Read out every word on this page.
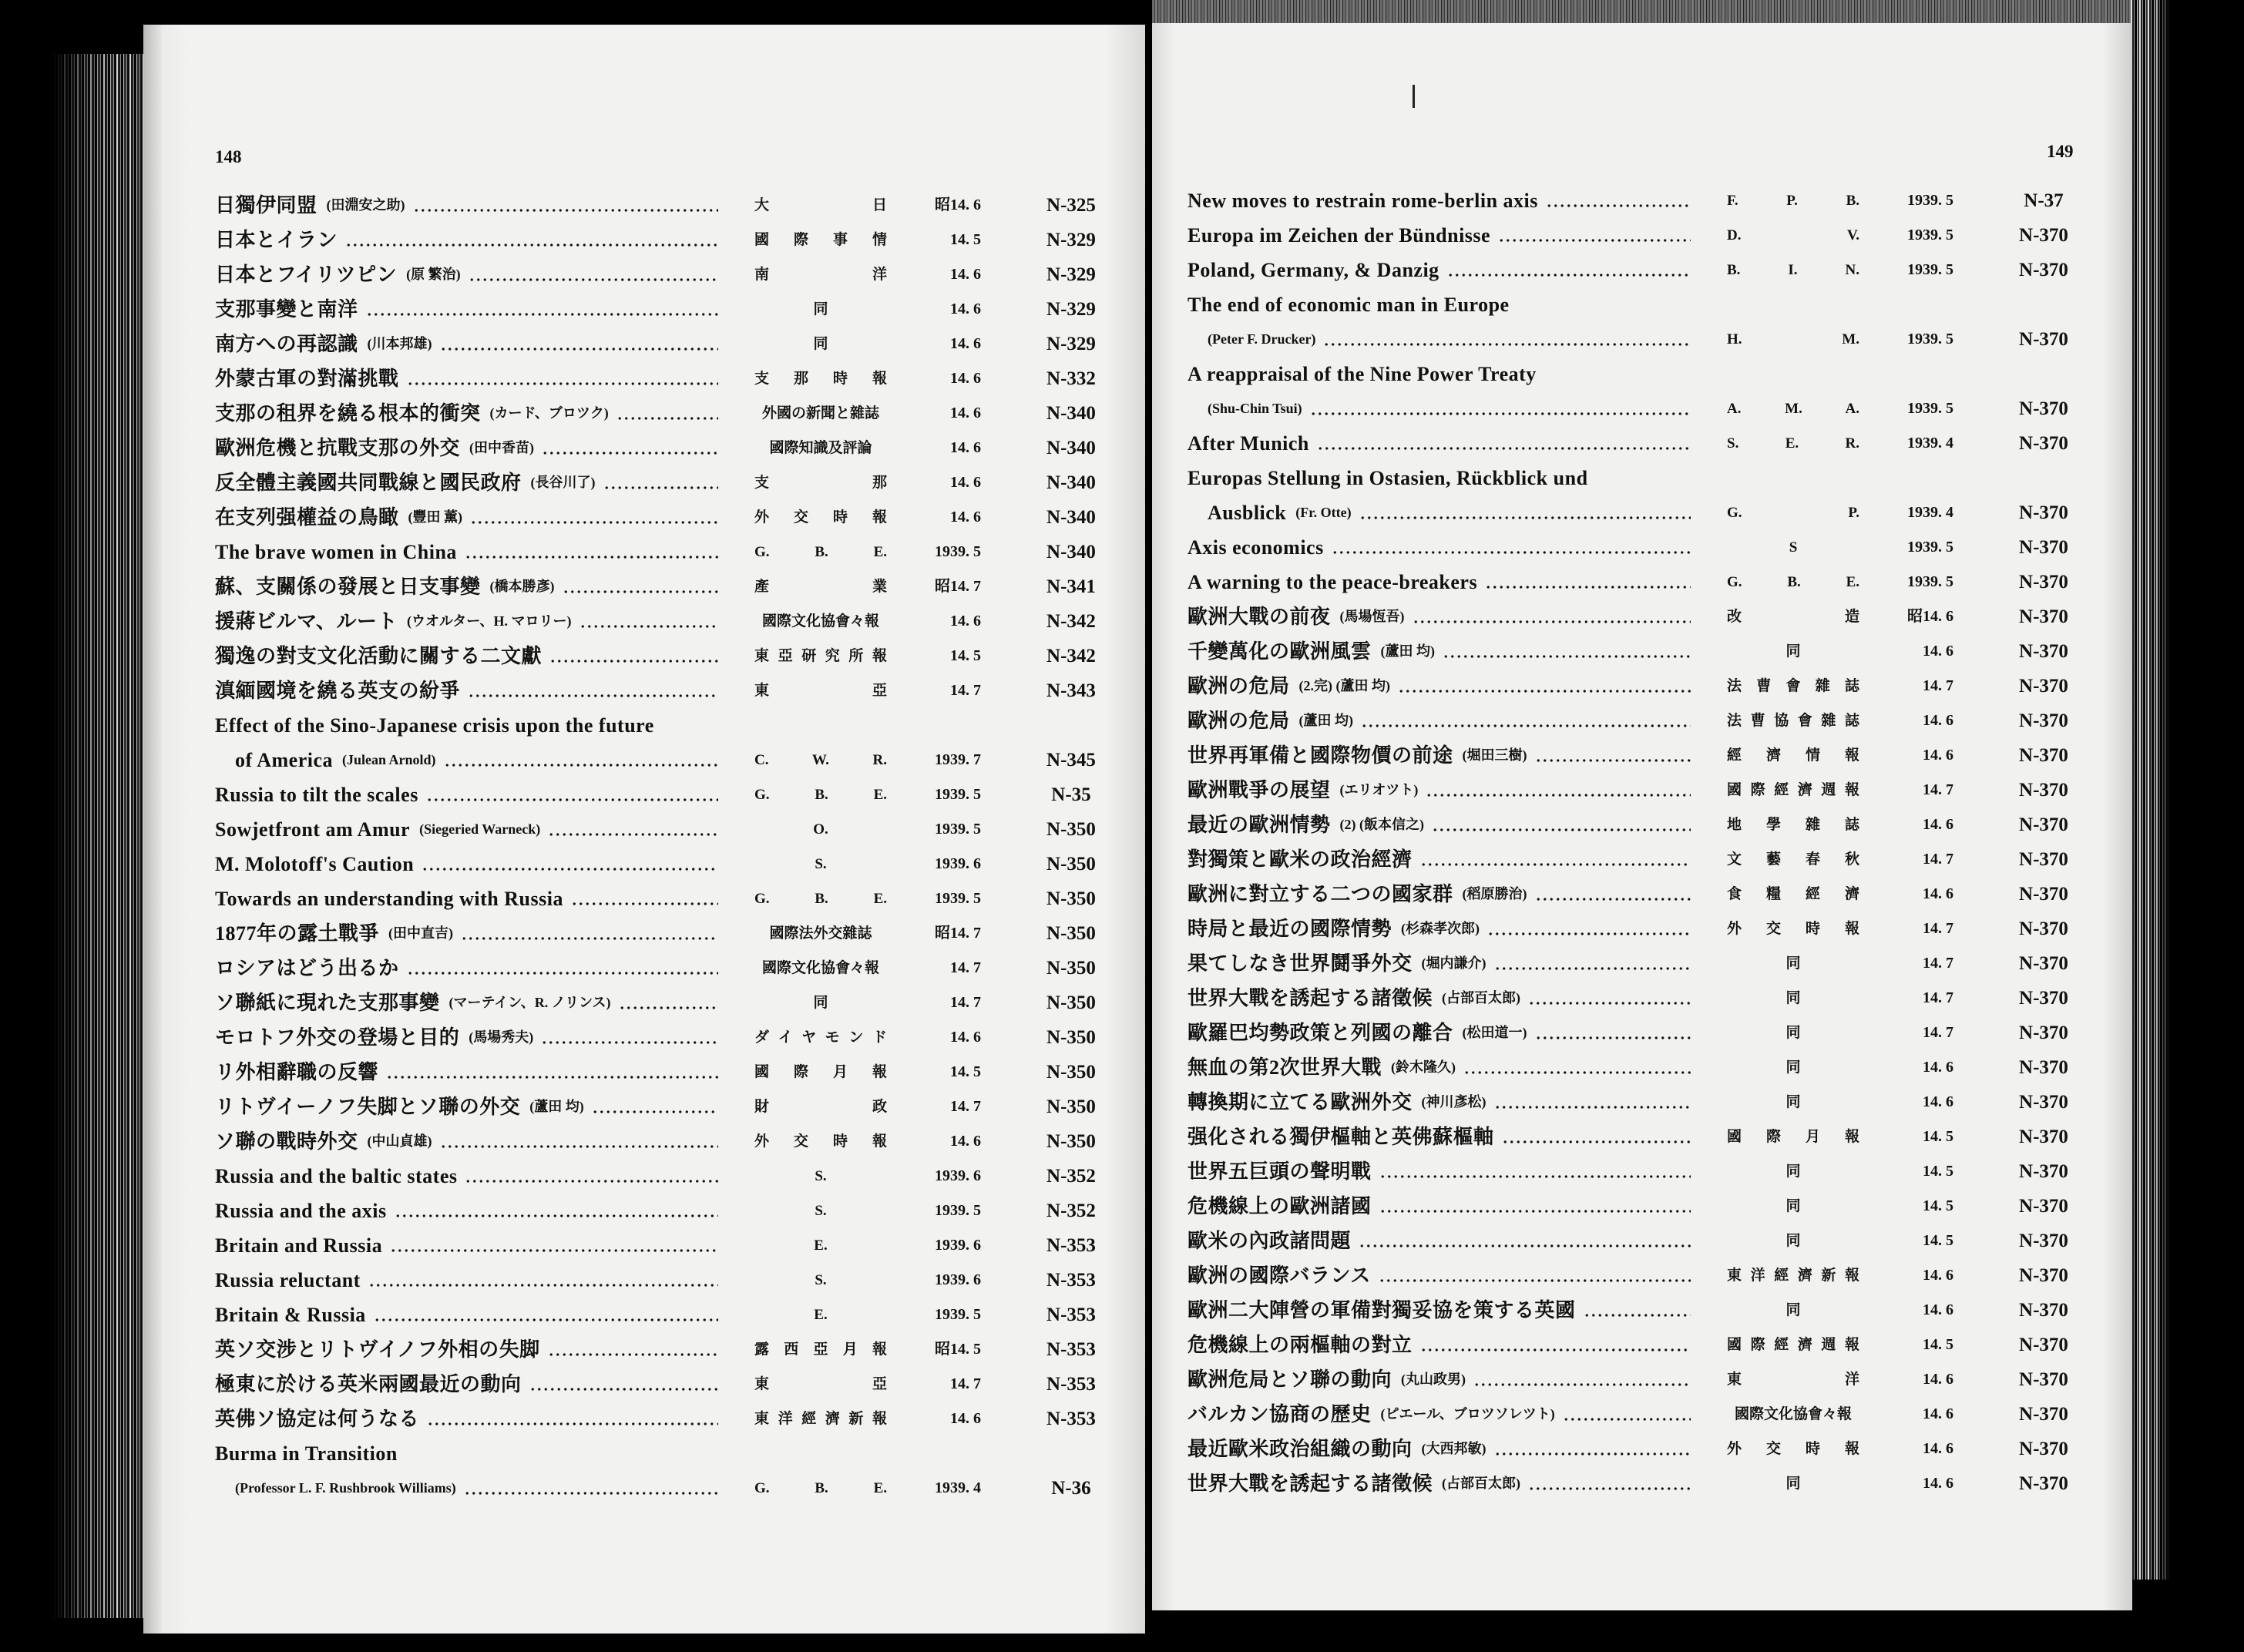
148
日獨伊同盟 (田淵安之助)	大 日	昭14. 6	N-325
日本とイラン	國 際 事 情	14. 5	N-329
日本とフイリツピン (原 繁治)	南 洋	14. 6	N-329
支那事變と南洋	同	14. 6	N-329
南方への再認識 (川本邦雄)	同	14. 6	N-329
外蒙古軍の對滿挑戰	支 那 時 報	14. 6	N-332
支那の租界を繞る根本的衝突 (カード、ブロツク)	外國の新聞と雜誌	14. 6	N-340
歐洲危機と抗戰支那の外交 (田中香苗)	國際知識及評論	14. 6	N-340
反全體主義國共同戰線と國民政府 (長谷川了)	支 那	14. 6	N-340
在支列强權益の鳥瞰 (豐田 薰)	外 交 時 報	14. 6	N-340
The brave women in China	G. B. E.	1939. 5	N-340
蘇、支關係の發展と日支事變 (橋本勝彥)	產 業	昭14. 7	N-341
援蔣ビルマ、ルート (ウオルター、H. マロリー)	國際文化協會々報	14. 6	N-342
獨逸の對支文化活動に關する二文獻	東 亞 研 究 所 報	14. 5	N-342
滇緬國境を繞る英支の紛爭	東 亞	14. 7	N-343
Effect of the Sino-Japanese crisis upon the future
of America (Julean Arnold)	C. W. R.	1939. 7	N-345
Russia to tilt the scales	G. B. E.	1939. 5	N-35
Sowjetfront am Amur (Siegeried Warneck)	O.	1939. 5	N-350
M. Molotoff's Caution	S.	1939. 6	N-350
Towards an understanding with Russia	G. B. E.	1939. 5	N-350
1877年の露土戰爭 (田中直吉)	國際法外交雜誌	昭14. 7	N-350
ロシアはどう出るか	國際文化協會々報	14. 7	N-350
ソ聯紙に現れた支那事變 (マーテイン、R. ノリンス)	同	14. 7	N-350
モロトフ外交の登場と目的 (馬場秀夫)	ダ イ ヤ モ ン ド	14. 6	N-350
リ外相辭職の反響	國 際 月 報	14. 5	N-350
リトヴイーノフ失脚とソ聯の外交 (蘆田 均)	財 政	14. 7	N-350
ソ聯の戰時外交 (中山貞雄)	外 交 時 報	14. 6	N-350
Russia and the baltic states	S.	1939. 6	N-352
Russia and the axis	S.	1939. 5	N-352
Britain and Russia	E.	1939. 6	N-353
Russia reluctant	S.	1939. 6	N-353
Britain & Russia	E.	1939. 5	N-353
英ソ交涉とリトヴイノフ外相の失脚	露 西 亞 月 報	昭14. 5	N-353
極東に於ける英米兩國最近の動向	東 亞	14. 7	N-353
英佛ソ協定は何うなる	東 洋 經 濟 新 報	14. 6	N-353
Burma in Transition
(Professor L. F. Rushbrook Williams)	G. B. E.	1939. 4	N-36
149
New moves to restrain rome-berlin axis	F. P. B.	1939. 5	N-37
Europa im Zeichen der Bündnisse	D. V.	1939. 5	N-370
Poland, Germany, & Danzig	B. I. N.	1939. 5	N-370
The end of economic man in Europe
(Peter F. Drucker)	H. M.	1939. 5	N-370
A reappraisal of the Nine Power Treaty
(Shu-Chin Tsui)	A. M. A.	1939. 5	N-370
After Munich	S. E. R.	1939. 4	N-370
Europas Stellung in Ostasien, Rückblick und
Ausblick (Fr. Otte)	G. P.	1939. 4	N-370
Axis economics	S	1939. 5	N-370
A warning to the peace-breakers	G. B. E.	1939. 5	N-370
歐洲大戰の前夜 (馬場恆吾)	改 造	昭14. 6	N-370
千變萬化の歐洲風雲 (蘆田 均)	同	14. 6	N-370
歐洲の危局 (2.完) (蘆田 均)	法 曹 會 雜 誌	14. 7	N-370
歐洲の危局 (蘆田 均)	法 曹 協 會 雜 誌	14. 6	N-370
世界再軍備と國際物價の前途 (堀田三樹)	經 濟 情 報	14. 6	N-370
歐洲戰爭の展望 (エリオツト)	國 際 經 濟 週 報	14. 7	N-370
最近の歐洲情勢 (2) (飯本信之)	地 學 雜 誌	14. 6	N-370
對獨策と歐米の政治經濟	文 藝 春 秋	14. 7	N-370
歐洲に對立する二つの國家群 (稻原勝治)	食 糧 經 濟	14. 6	N-370
時局と最近の國際情勢 (杉森孝次郎)	外 交 時 報	14. 7	N-370
果てしなき世界鬪爭外交 (堀内謙介)	同	14. 7	N-370
世界大戰を誘起する諸徵候 (占部百太郎)	同	14. 7	N-370
歐羅巴均勢政策と列國の離合 (松田道一)	同	14. 7	N-370
無血の第2次世界大戰 (鈴木隆久)	同	14. 6	N-370
轉換期に立てる歐洲外交 (神川彥松)	同	14. 6	N-370
强化される獨伊樞軸と英佛蘇樞軸	國 際 月 報	14. 5	N-370
世界五巨頭の聲明戰	同	14. 5	N-370
危機線上の歐洲諸國	同	14. 5	N-370
歐米の內政諸問題	同	14. 5	N-370
歐洲の國際バランス	東 洋 經 濟 新 報	14. 6	N-370
歐洲二大陣營の軍備對獨妥協を策する英國	同	14. 6	N-370
危機線上の兩樞軸の對立	國 際 經 濟 週 報	14. 5	N-370
歐洲危局とソ聯の動向 (丸山政男)	東 洋	14. 6	N-370
バルカン協商の歷史 (ピエール、ブロツソレツト)	國際文化協會々報	14. 6	N-370
最近歐米政治組織の動向 (大西邦敏)	外 交 時 報	14. 6	N-370
世界大戰を誘起する諸徵候 (占部百太郎)	同	14. 6	N-370
